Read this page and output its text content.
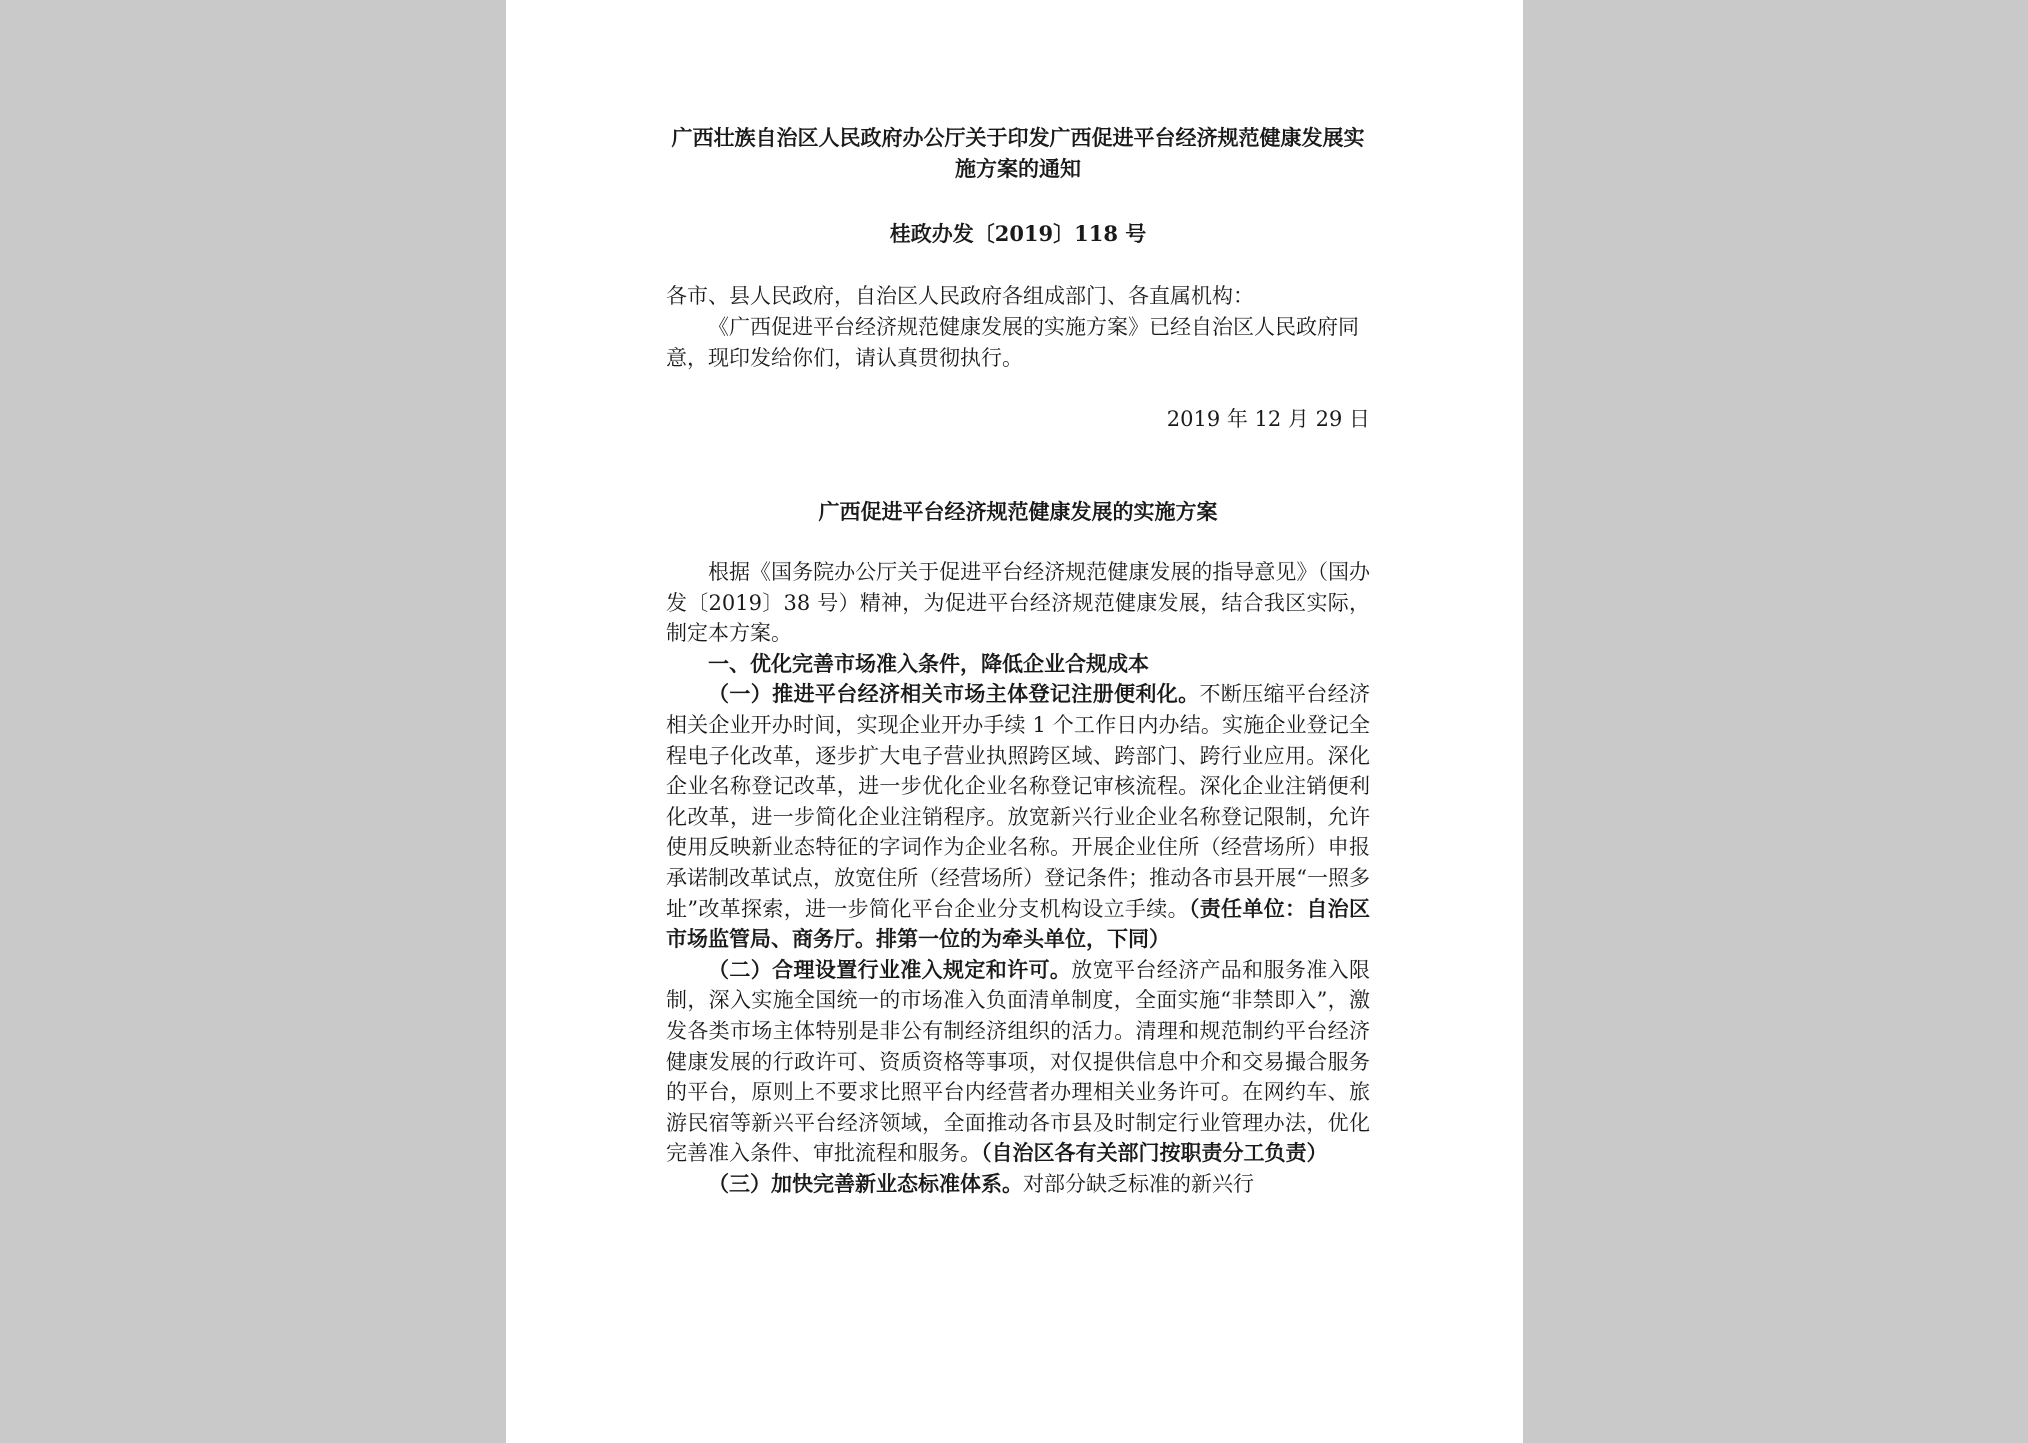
广西壮族自治区人民政府办公厅关于印发广西促进平台经济规范健康发展实施方案的通知
桂政办发〔2019〕118 号
各市、县人民政府，自治区人民政府各组成部门、各直属机构：
《广西促进平台经济规范健康发展的实施方案》已经自治区人民政府同意，现印发给你们，请认真贯彻执行。
2019 年 12 月 29 日
广西促进平台经济规范健康发展的实施方案

根据《国务院办公厅关于促进平台经济规范健康发展的指导意见》（国办发〔2019〕38 号）精神，为促进平台经济规范健康发展，结合我区实际，制定本方案。

一、优化完善市场准入条件，降低企业合规成本

（一）推进平台经济相关市场主体登记注册便利化。不断压缩平台经济相关企业开办时间，实现企业开办手续 1 个工作日内办结。实施企业登记全程电子化改革，逐步扩大电子营业执照跨区域、跨部门、跨行业应用。深化企业名称登记改革，进一步优化企业名称登记审核流程。深化企业注销便利化改革，进一步简化企业注销程序。放宽新兴行业企业名称登记限制，允许使用反映新业态特征的字词作为企业名称。开展企业住所（经营场所）申报承诺制改革试点，放宽住所（经营场所）登记条件；推动各市县开展“一照多址”改革探索，进一步简化平台企业分支机构设立手续。（责任单位：自治区市场监管局、商务厅。排第一位的为牵头单位，下同）

（二）合理设置行业准入规定和许可。放宽平台经济产品和服务准入限制，深入实施全国统一的市场准入负面清单制度，全面实施“非禁即入”，激发各类市场主体特别是非公有制经济组织的活力。清理和规范制约平台经济健康发展的行政许可、资质资格等事项，对仅提供信息中介和交易撮合服务的平台，原则上不要求比照平台内经营者办理相关业务许可。在网约车、旅游民宿等新兴平台经济领域，全面推动各市县及时制定行业管理办法，优化完善准入条件、审批流程和服务。（自治区各有关部门按职责分工负责）

（三）加快完善新业态标准体系。对部分缺乏标准的新兴行
